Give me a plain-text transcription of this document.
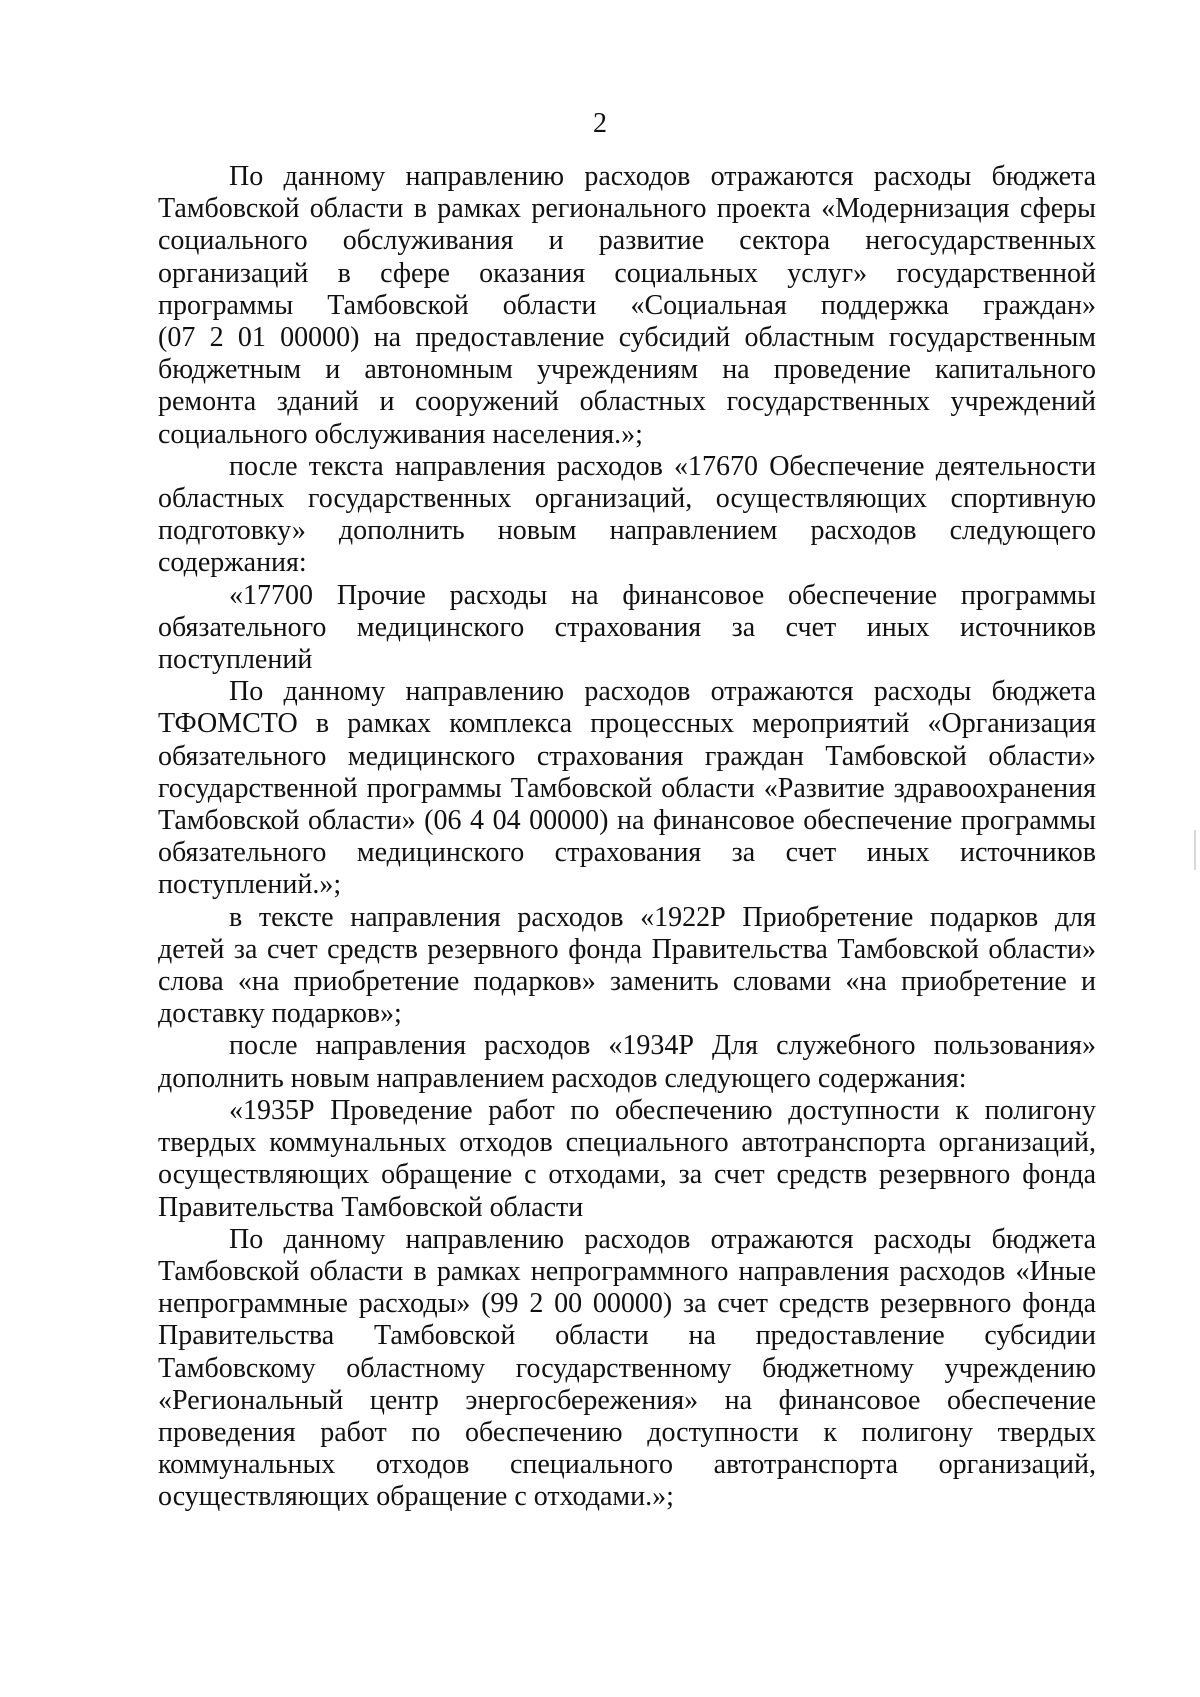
2
По данному направлению расходов отражаются расходы бюджета
Тамбовской области в рамках регионального проекта «Модернизация сферы
социального обслуживания и развитие сектора негосударственных
организаций в сфере оказания социальных услуг» государственной
программы Тамбовской области «Социальная поддержка граждан»
(07 2 01 00000) на предоставление субсидий областным государственным
бюджетным и автономным учреждениям на проведение капитального
ремонта зданий и сооружений областных государственных учреждений
социального обслуживания населения.»;
после текста направления расходов «17670 Обеспечение деятельности
областных государственных организаций, осуществляющих спортивную
подготовку» дополнить новым направлением расходов следующего
содержания:
«17700 Прочие расходы на финансовое обеспечение программы
обязательного медицинского страхования за счет иных источников
поступлений
По данному направлению расходов отражаются расходы бюджета
ТФОМСТО в рамках комплекса процессных мероприятий «Организация
обязательного медицинского страхования граждан Тамбовской области»
государственной программы Тамбовской области «Развитие здравоохранения
Тамбовской области» (06 4 04 00000) на финансовое обеспечение программы
обязательного медицинского страхования за счет иных источников
поступлений.»;
в тексте направления расходов «1922Р Приобретение подарков для
детей за счет средств резервного фонда Правительства Тамбовской области»
слова «на приобретение подарков» заменить словами «на приобретение и
доставку подарков»;
после направления расходов «1934Р Для служебного пользования»
дополнить новым направлением расходов следующего содержания:
«1935Р Проведение работ по обеспечению доступности к полигону
твердых коммунальных отходов специального автотранспорта организаций,
осуществляющих обращение с отходами, за счет средств резервного фонда
Правительства Тамбовской области
По данному направлению расходов отражаются расходы бюджета
Тамбовской области в рамках непрограммного направления расходов «Иные
непрограммные расходы» (99 2 00 00000) за счет средств резервного фонда
Правительства Тамбовской области на предоставление субсидии
Тамбовскому областному государственному бюджетному учреждению
«Региональный центр энергосбережения» на финансовое обеспечение
проведения работ по обеспечению доступности к полигону твердых
коммунальных отходов специального автотранспорта организаций,
осуществляющих обращение с отходами.»;
